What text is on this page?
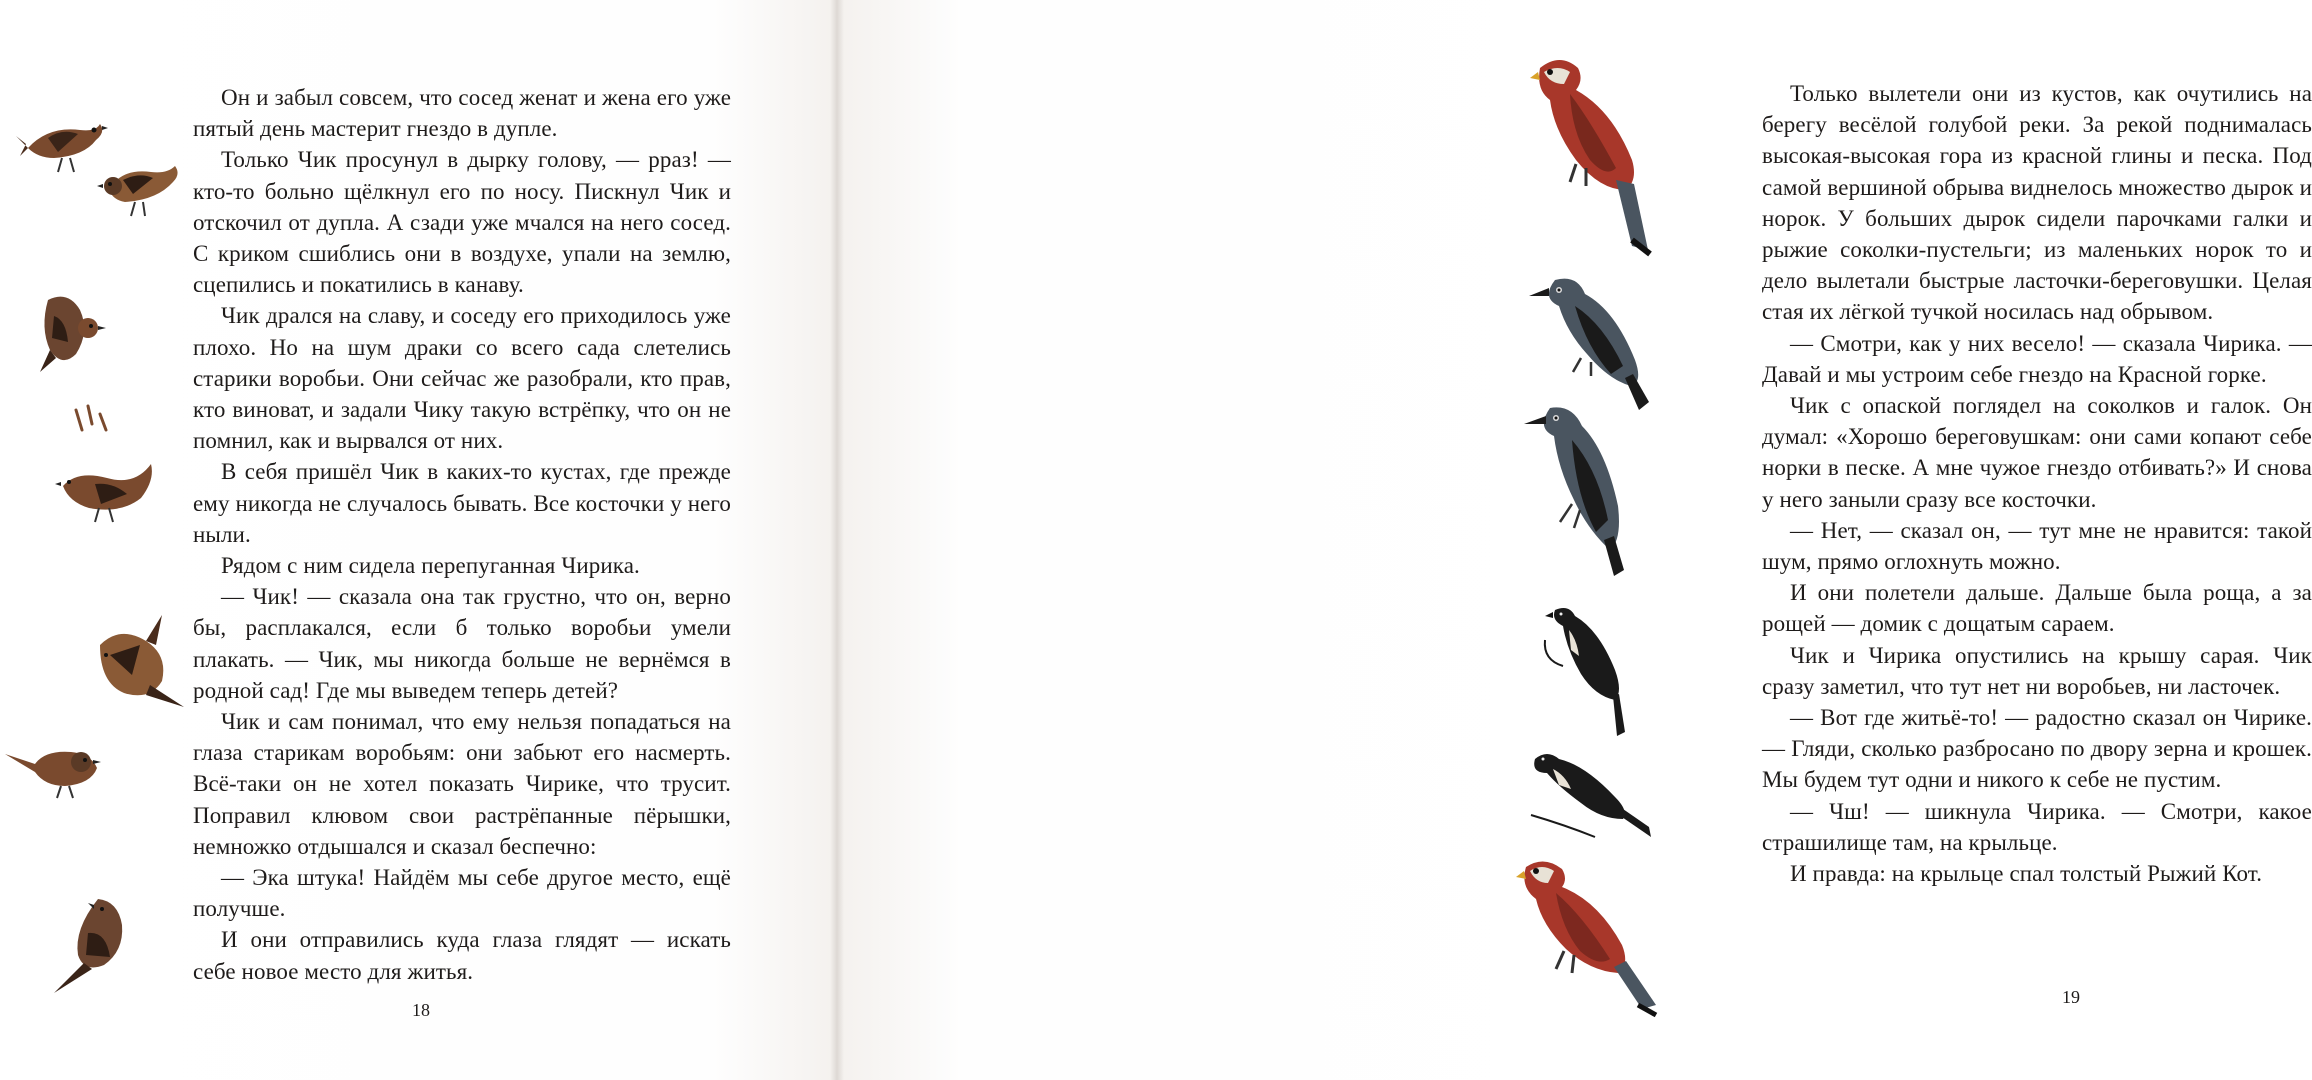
Он и забыл совсем, что сосед женат и жена его уже пятый день мастерит гнездо в дупле.

Только Чик просунул в дырку голову, — рраз! — кто-то больно щёлкнул его по носу. Пискнул Чик и отскочил от дупла. А сзади уже мчался на него сосед. С криком сшиблись они в воздухе, упали на землю, сцепились и покатились в канаву.

Чик дрался на славу, и соседу его приходилось уже плохо. Но на шум драки со всего сада слетелись старики воробьи. Они сейчас же разобрали, кто прав, кто виноват, и задали Чику такую встрёпку, что он не помнил, как и вырвался от них.

В себя пришёл Чик в каких-то кустах, где прежде ему никогда не случалось бывать. Все косточки у него ныли.

Рядом с ним сидела перепуганная Чирика.

— Чик! — сказала она так грустно, что он, верно бы, расплакался, если б только воробьи умели плакать. — Чик, мы никогда больше не вернёмся в родной сад! Где мы выведем теперь детей?

Чик и сам понимал, что ему нельзя попадаться на глаза старикам воробьям: они забьют его насмерть. Всё-таки он не хотел показать Чирике, что трусит. Поправил клювом свои растрёпанные пёрышки, немножко отдышался и сказал беспечно:

— Эка штука! Найдём мы себе другое место, ещё получше.

И они отправились куда глаза глядят — искать себе новое место для житья.

18

Только вылетели они из кустов, как очутились на берегу весёлой голубой реки. За рекой поднималась высокая-высокая гора из красной глины и песка. Под самой вершиной обрыва виднелось множество дырок и норок. У больших дырок сидели парочками галки и рыжие соколки-пустельги; из маленьких норок то и дело вылетали быстрые ласточки-береговушки. Целая стая их лёгкой тучкой носилась над обрывом.

— Смотри, как у них весело! — сказала Чирика. — Давай и мы устроим себе гнездо на Красной горке.

Чик с опаской поглядел на соколков и галок. Он думал: «Хорошо береговушкам: они сами копают себе норки в песке. А мне чужое гнездо отбивать?» И снова у него заныли сразу все косточки.

— Нет, — сказал он, — тут мне не нравится: такой шум, прямо оглохнуть можно.

И они полетели дальше. Дальше была роща, а за рощей — домик с дощатым сараем.

Чик и Чирика опустились на крышу сарая. Чик сразу заметил, что тут нет ни воробьев, ни ласточек.

— Вот где житьё-то! — радостно сказал он Чирике. — Гляди, сколько разбросано по двору зерна и крошек. Мы будем тут одни и никого к себе не пустим.

— Чш! — шикнула Чирика. — Смотри, какое страшилище там, на крыльце.

И правда: на крыльце спал толстый Рыжий Кот.

19
